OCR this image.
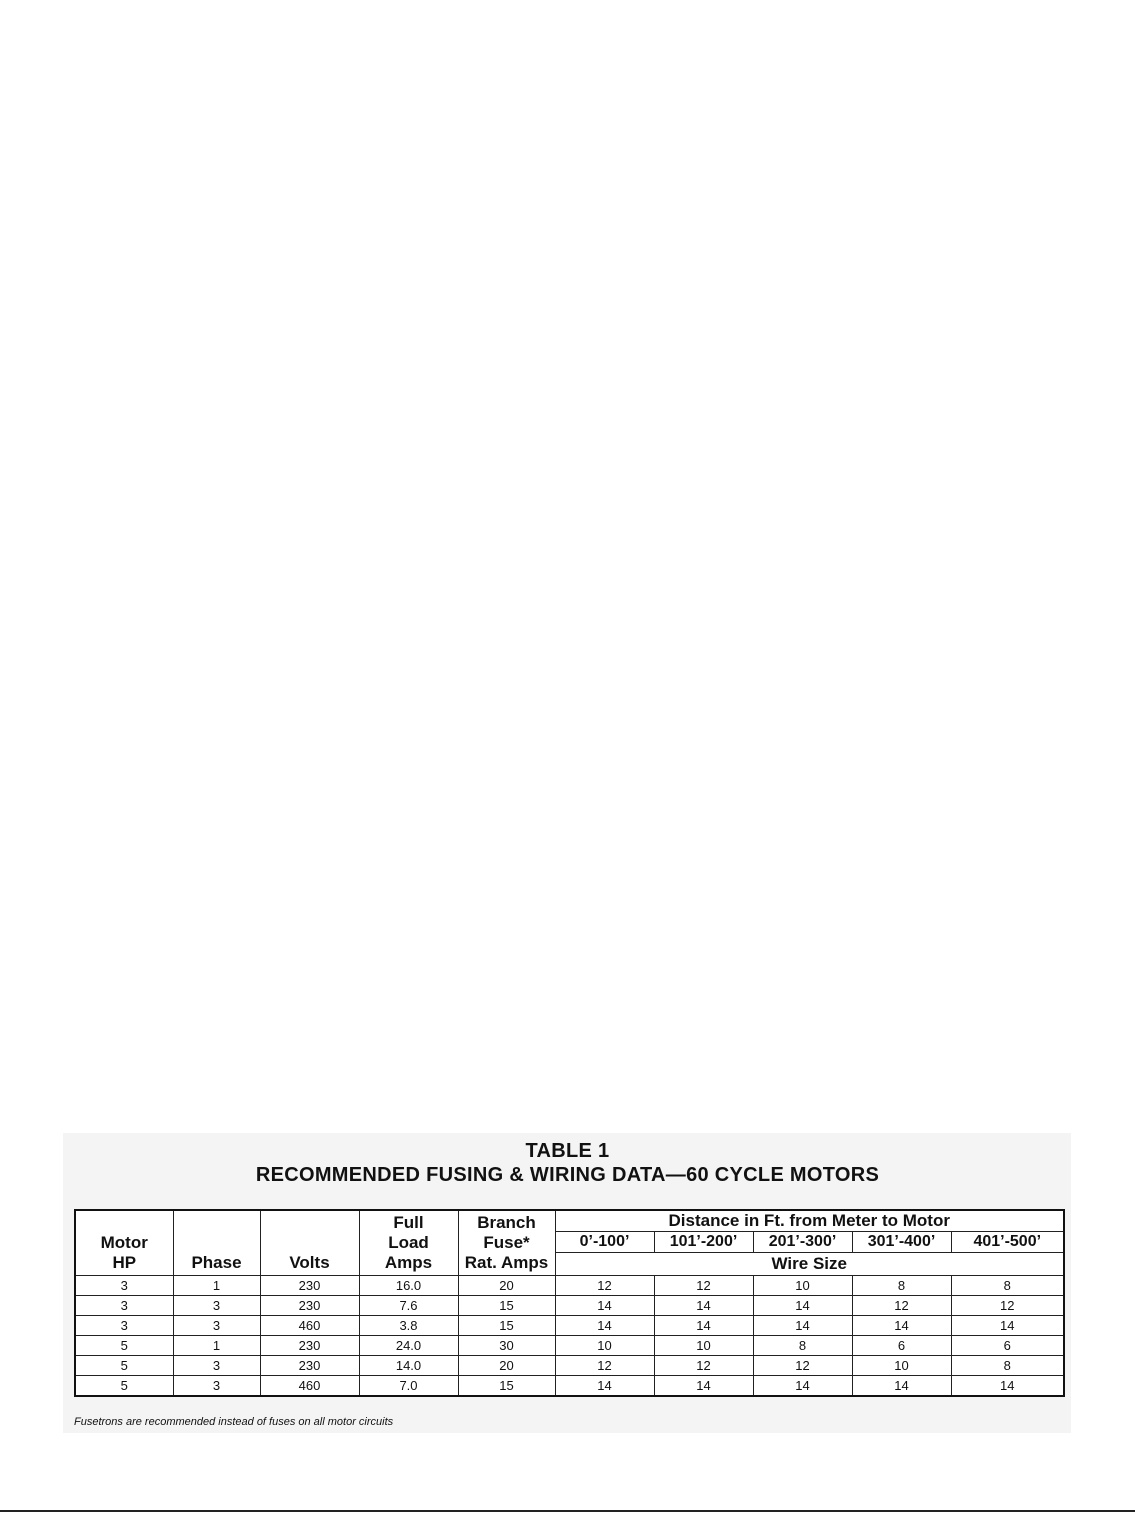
TABLE 1
RECOMMENDED FUSING & WIRING DATA—60 CYCLE MOTORS
Motor
HP	Phase	Volts	Full
Load
Amps	Branch
Fuse*
Rat. Amps	Distance in Ft. from Meter to Motor				
					0’-100’	101’-200’	201’-300’	301’-400’	401’-500’
					Wire Size				
3	1	230	16.0	20	12	12	10	8	8
3	3	230	7.6	15	14	14	14	12	12
3	3	460	3.8	15	14	14	14	14	14
5	1	230	24.0	30	10	10	8	6	6
5	3	230	14.0	20	12	12	12	10	8
5	3	460	7.0	15	14	14	14	14	14
Fusetrons are recommended instead of fuses on all motor circuits
